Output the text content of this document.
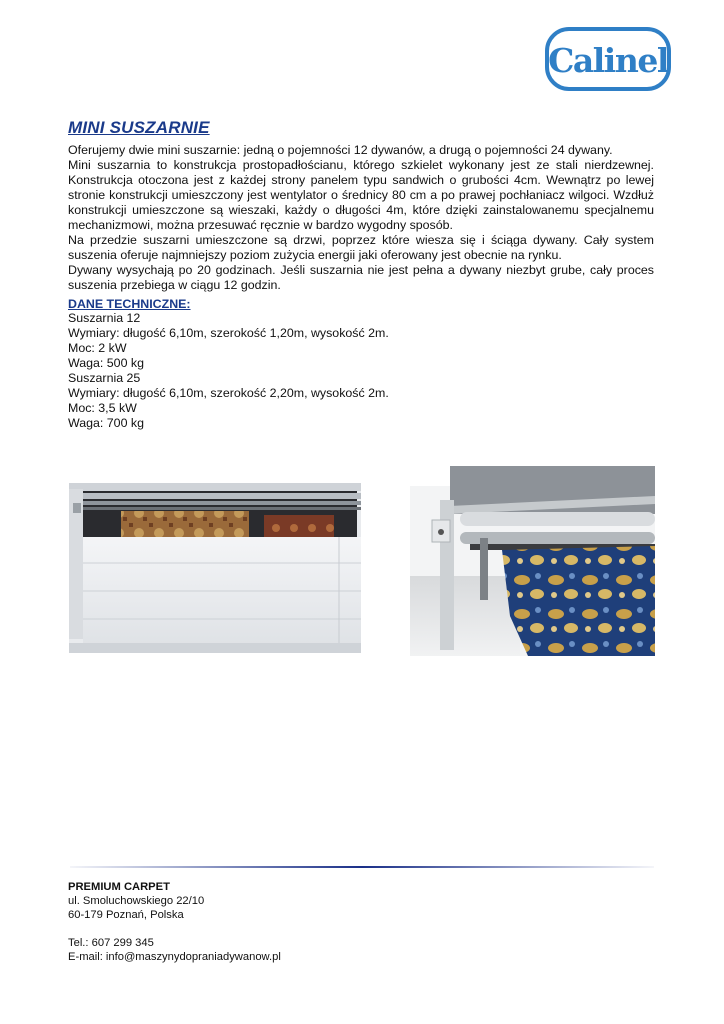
Calinel
MINI SUSZARNIE

Oferujemy dwie mini suszarnie: jedną o pojemności 12 dywanów, a drugą o pojemności 24 dywany.

Mini suszarnia to konstrukcja prostopadłościanu, którego szkielet wykonany jest ze stali nierdzewnej. Konstrukcja otoczona jest z każdej strony panelem typu sandwich o grubości 4cm. Wewnątrz po lewej stronie konstrukcji umieszczony jest wentylator o średnicy 80 cm a po prawej pochłaniacz wilgoci. Wzdłuż konstrukcji umieszczone są wieszaki, każdy o długości 4m, które dzięki zainstalowanemu specjalnemu mechanizmowi, można przesuwać ręcznie w bardzo wygodny sposób.

Na przedzie suszarni umieszczone są drzwi, poprzez które wiesza się i ściąga dywany. Cały system suszenia oferuje najmniejszy poziom zużycia energii jaki oferowany jest obecnie na rynku.

Dywany wysychają po 20 godzinach. Jeśli suszarnia nie jest pełna a dywany niezbyt grube, cały proces suszenia przebiega w ciągu 12 godzin.

DANE TECHNICZNE:
Suszarnia 12
Wymiary: długość 6,10m, szerokość 1,20m, wysokość 2m.
Moc: 2 kW
Waga: 500 kg
Suszarnia 25
Wymiary: długość 6,10m, szerokość 2,20m, wysokość 2m.
Moc: 3,5 kW
Waga: 700 kg
PREMIUM CARPET
ul. Smoluchowskiego 22/10
60-179 Poznań, Polska
Tel.: 607 299 345
E-mail: info@maszynydopraniadywanow.pl
